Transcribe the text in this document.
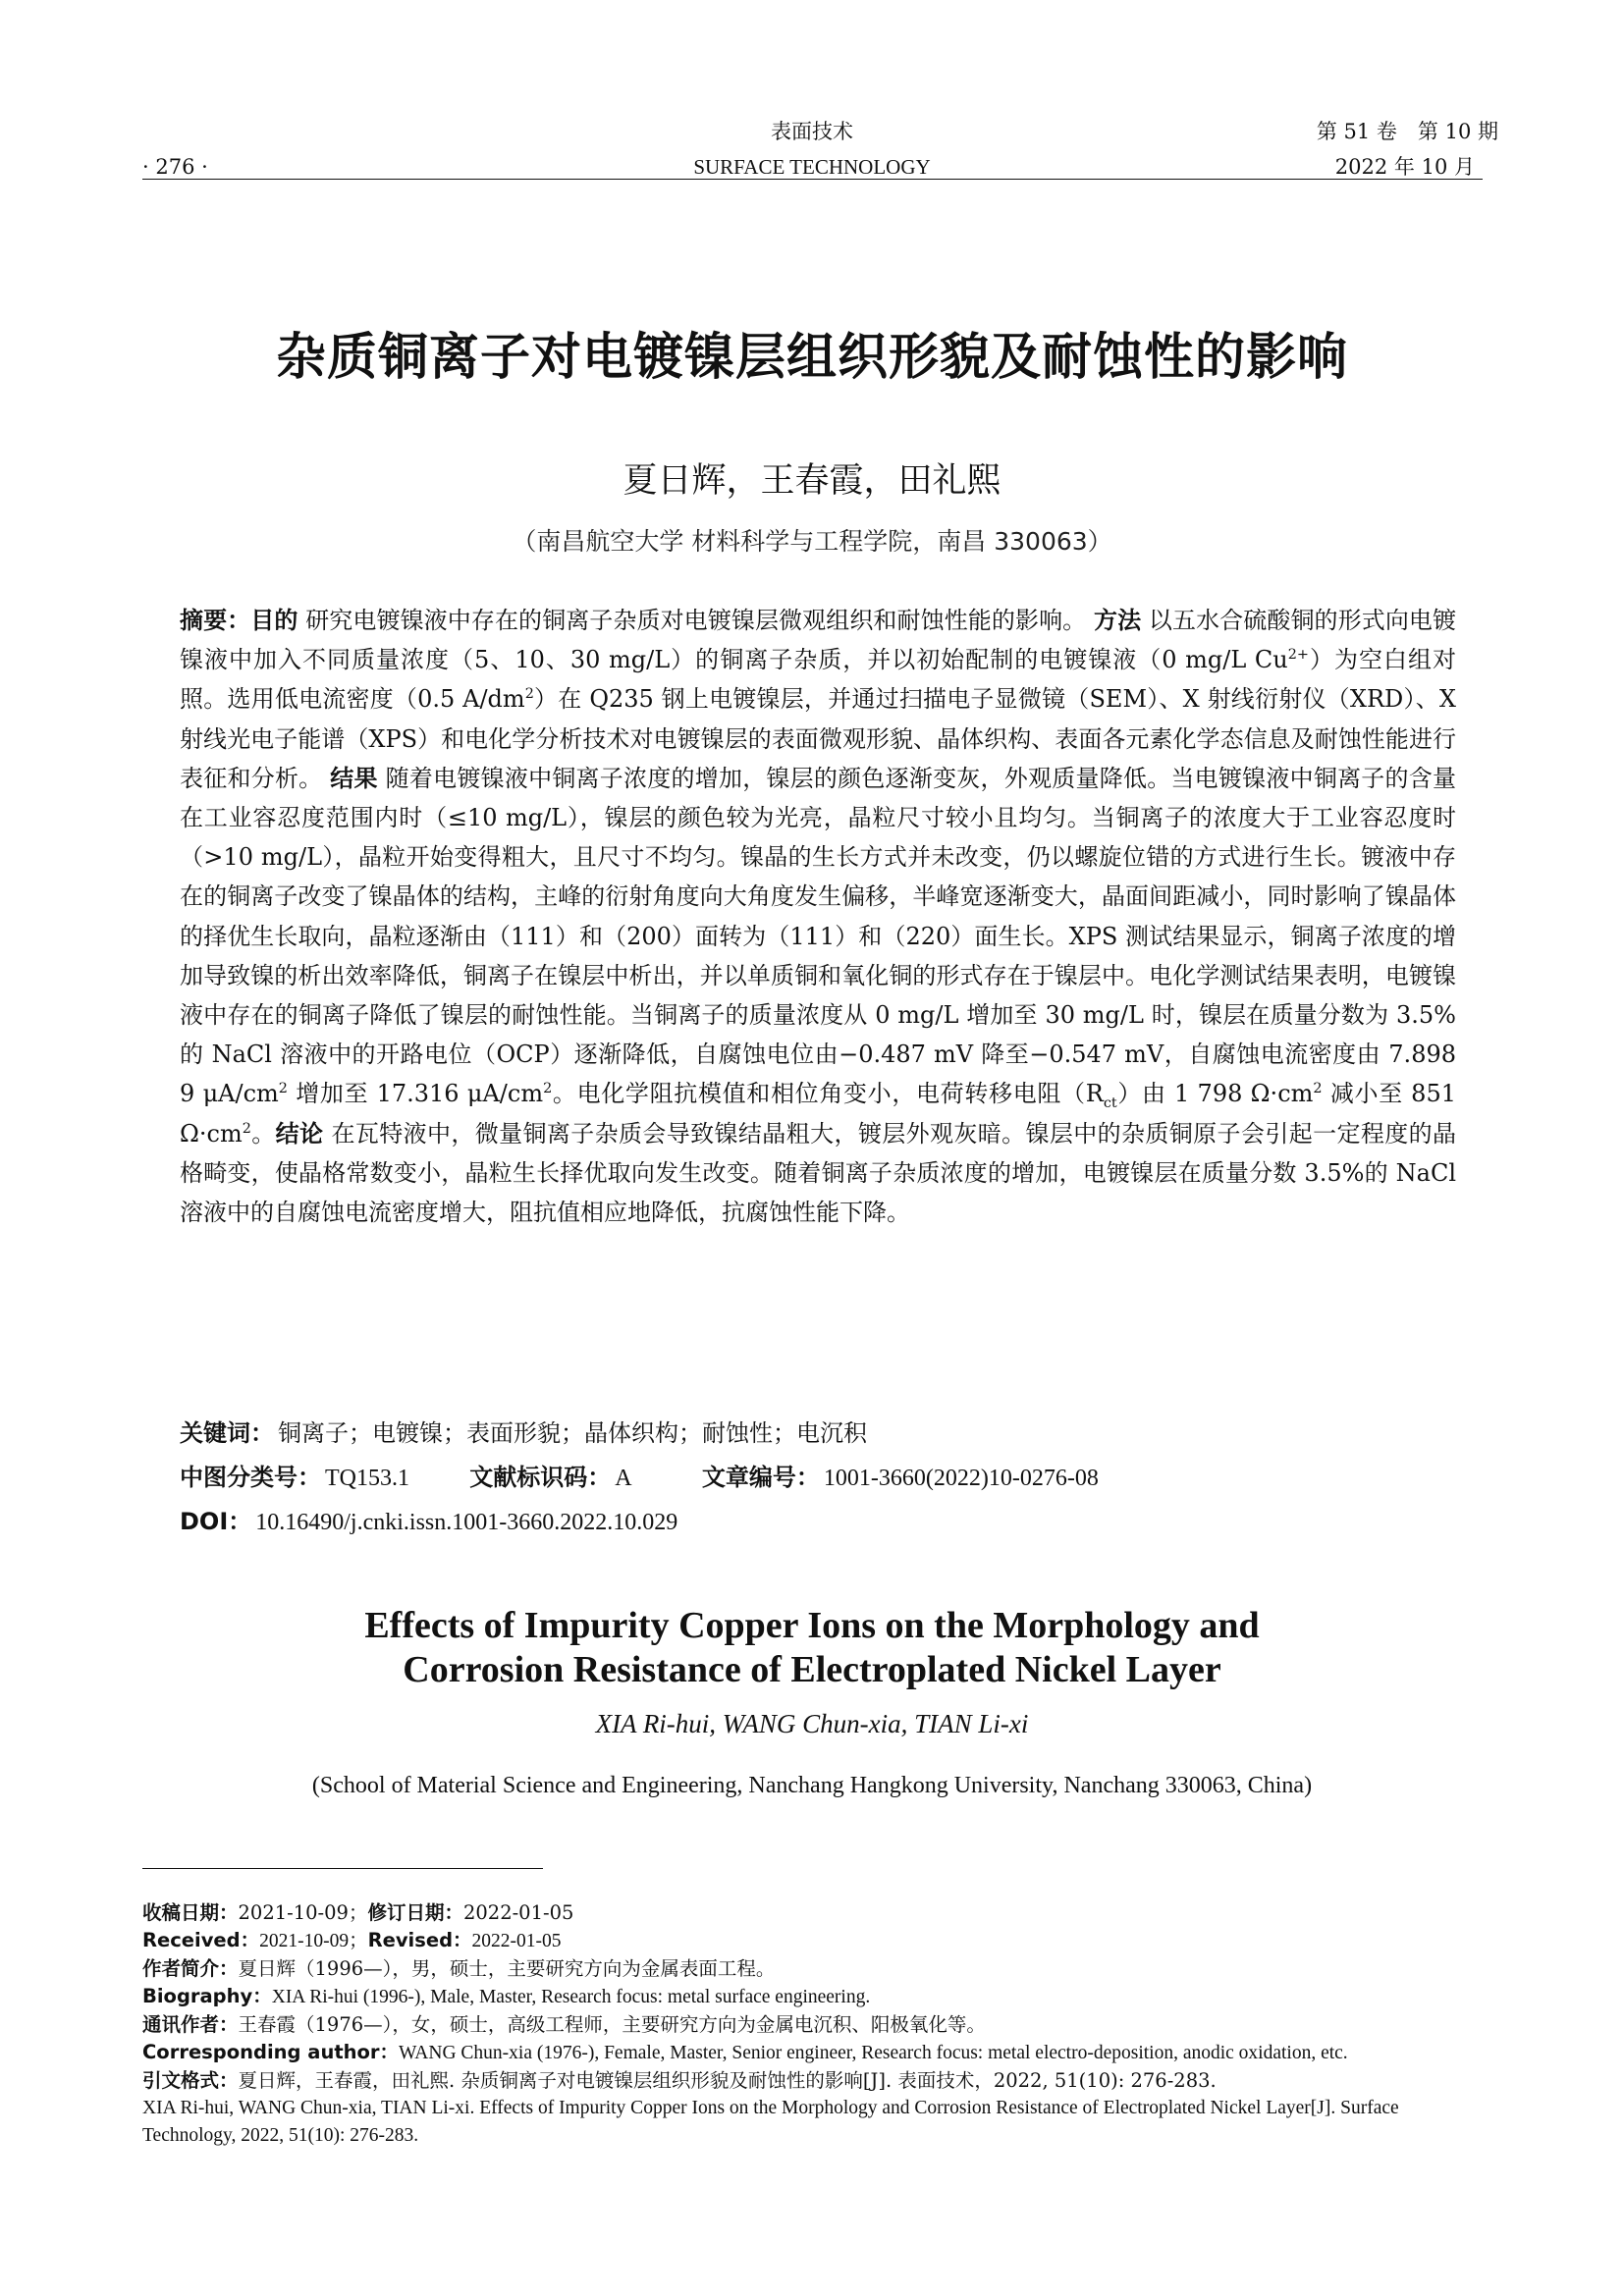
· 276 ·
表面技术
SURFACE TECHNOLOGY
第 51 卷　第 10 期
2022 年 10 月
杂质铜离子对电镀镍层组织形貌及耐蚀性的影响
夏日辉，王春霞，田礼熙
（南昌航空大学 材料科学与工程学院，南昌 330063）
摘要：目的 研究电镀镍液中存在的铜离子杂质对电镀镍层微观组织和耐蚀性能的影响。 方法 以五水合硫酸铜的形式向电镀镍液中加入不同质量浓度（5、10、30 mg/L）的铜离子杂质，并以初始配制的电镀镍液（0 mg/L $Cu^{2+}$）为空白组对照。选用低电流密度（0.5 $A/dm^2$）在 Q235 钢上电镀镍层，并通过扫描电子显微镜（SEM）、X 射线衍射仪（XRD）、X 射线光电子能谱（XPS）和电化学分析技术对电镀镍层的表面微观形貌、晶体织构、表面各元素化学态信息及耐蚀性能进行表征和分析。 结果 随着电镀镍液中铜离子浓度的增加，镍层的颜色逐渐变灰，外观质量降低。当电镀镍液中铜离子的含量在工业容忍度范围内时（≤10 mg/L），镍层的颜色较为光亮，晶粒尺寸较小且均匀。当铜离子的浓度大于工业容忍度时（>10 mg/L），晶粒开始变得粗大，且尺寸不均匀。镍晶的生长方式并未改变，仍以螺旋位错的方式进行生长。镀液中存在的铜离子改变了镍晶体的结构，主峰的衍射角度向大角度发生偏移，半峰宽逐渐变大，晶面间距减小，同时影响了镍晶体的择优生长取向，晶粒逐渐由（111）和（200）面转为（111）和（220）面生长。XPS 测试结果显示，铜离子浓度的增加导致镍的析出效率降低，铜离子在镍层中析出，并以单质铜和氧化铜的形式存在于镍层中。电化学测试结果表明，电镀镍液中存在的铜离子降低了镍层的耐蚀性能。当铜离子的质量浓度从 0 mg/L 增加至 30 mg/L 时，镍层在质量分数为 3.5%的 NaCl 溶液中的开路电位（OCP）逐渐降低，自腐蚀电位由−0.487 mV 降至−0.547 mV，自腐蚀电流密度由 7.898 9 $\mu A/cm^2$ 增加至 17.316 $\mu A/cm^2$。电化学阻抗模值和相位角变小，电荷转移电阻$(R_{ct})$由 1 798 $\Omega\cdot cm^2$ 减小至 851 $\Omega\cdot cm^2$。结论 在瓦特液中，微量铜离子杂质会导致镍结晶粗大，镀层外观灰暗。镍层中的杂质铜原子会引起一定程度的晶格畸变，使晶格常数变小，晶粒生长择优取向发生改变。随着铜离子杂质浓度的增加，电镀镍层在质量分数 3.5%的 NaCl 溶液中的自腐蚀电流密度增大，阻抗值相应地降低，抗腐蚀性能下降。
关键词： 铜离子；电镀镍；表面形貌；晶体织构；耐蚀性；电沉积
中图分类号： TQ153.1	文献标识码： A	文章编号： 1001-3660(2022)10-0276-08
DOI： 10.16490/j.cnki.issn.1001-3660.2022.10.029
Effects of Impurity Copper Ions on the Morphology and Corrosion Resistance of Electroplated Nickel Layer
XIA Ri-hui, WANG Chun-xia, TIAN Li-xi
(School of Material Science and Engineering, Nanchang Hangkong University, Nanchang 330063, China)
收稿日期：2021-10-09；修订日期：2022-01-05
Received：2021-10-09；Revised：2022-01-05
作者简介：夏日辉（1996—），男，硕士，主要研究方向为金属表面工程。
Biography：XIA Ri-hui (1996-), Male, Master, Research focus: metal surface engineering.
通讯作者：王春霞（1976—），女，硕士，高级工程师，主要研究方向为金属电沉积、阳极氧化等。
Corresponding author：WANG Chun-xia (1976-), Female, Master, Senior engineer, Research focus: metal electro-deposition, anodic oxidation, etc.
引文格式：夏日辉，王春霞，田礼熙. 杂质铜离子对电镀镍层组织形貌及耐蚀性的影响[J]. 表面技术，2022, 51(10): 276-283.
XIA Ri-hui, WANG Chun-xia, TIAN Li-xi. Effects of Impurity Copper Ions on the Morphology and Corrosion Resistance of Electroplated Nickel Layer[J]. Surface Technology, 2022, 51(10): 276-283.
